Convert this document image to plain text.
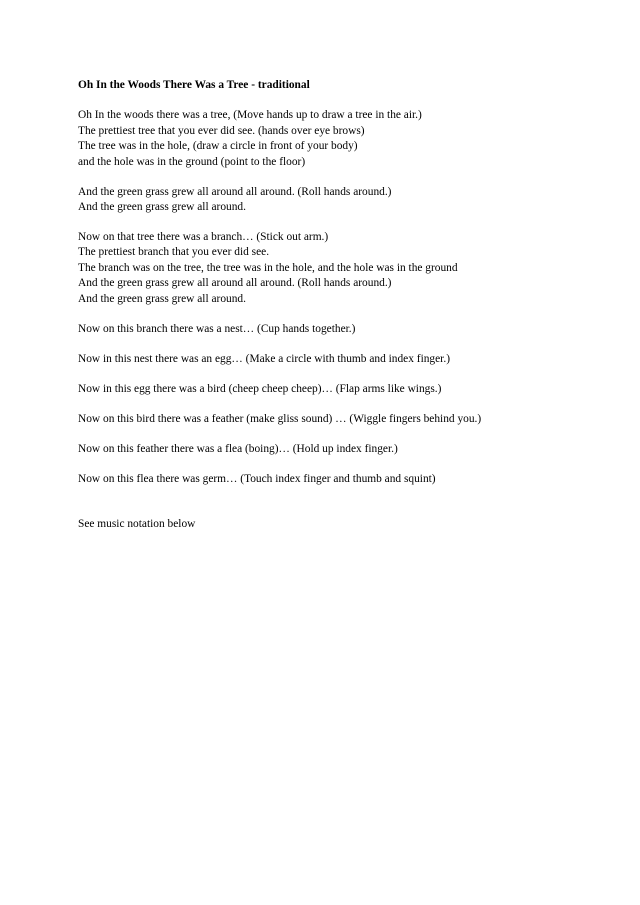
Oh In the Woods There Was a Tree - traditional
Oh In the woods there was a tree, (Move hands up to draw a tree in the air.)
The prettiest tree that you ever did see. (hands over eye brows)
The tree was in the hole, (draw a circle in front of your body)
and the hole was in the ground (point to the floor)
And the green grass grew all around all around. (Roll hands around.)
And the green grass grew all around.
Now on that tree there was a branch… (Stick out arm.)
The prettiest branch that you ever did see.
The branch was on the tree, the tree was in the hole, and the hole was in the ground
And the green grass grew all around all around. (Roll hands around.)
And the green grass grew all around.
Now on this branch there was a nest… (Cup hands together.)
Now in this nest there was an egg… (Make a circle with thumb and index finger.)
Now in this egg there was a bird (cheep cheep cheep)… (Flap arms like wings.)
Now on this bird there was a feather (make gliss sound) … (Wiggle fingers behind you.)
Now on this feather there was a flea (boing)… (Hold up index finger.)
Now on this flea there was germ… (Touch index finger and thumb and squint)
See music notation below
